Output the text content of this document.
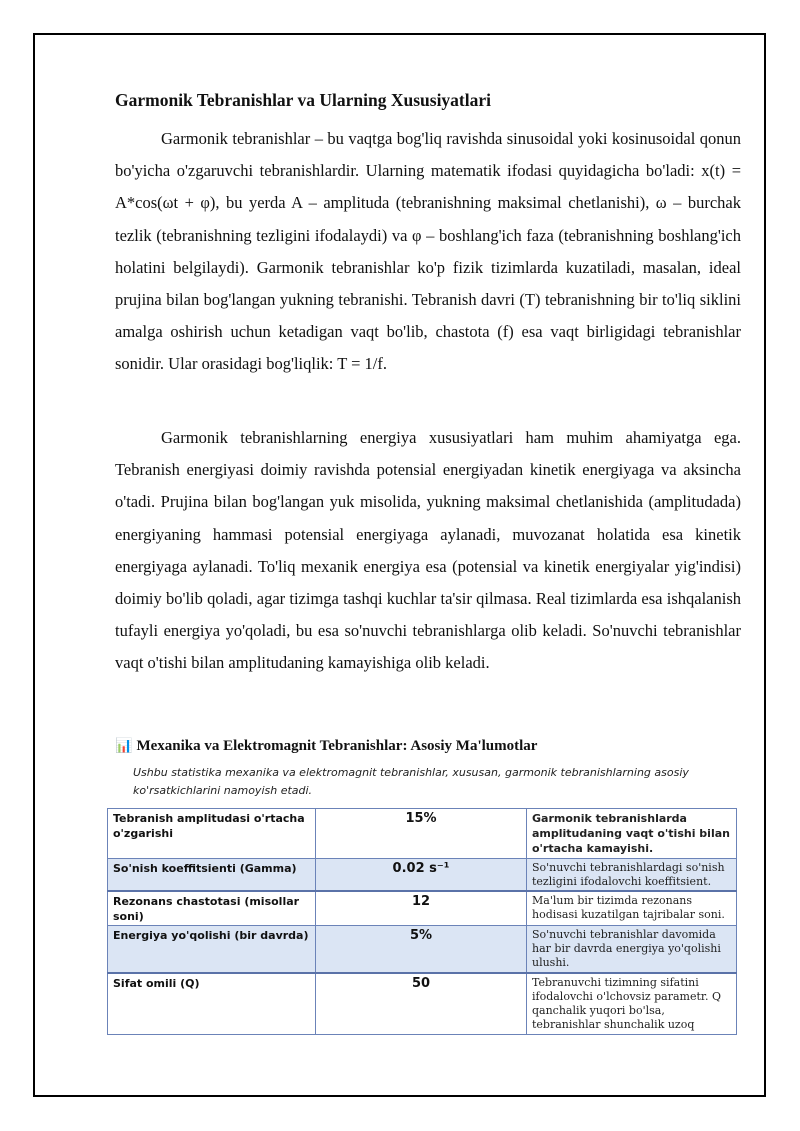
Garmonik Tebranishlar va Ularning Xususiyatlari

Garmonik tebranishlar – bu vaqtga bog'liq ravishda sinusoidal yoki kosinusoidal qonun bo'yicha o'zgaruvchi tebranishlardir. Ularning matematik ifodasi quyidagicha bo'ladi: x(t) = A*cos(ωt + φ), bu yerda A – amplituda (tebranishning maksimal chetlanishi), ω – burchak tezlik (tebranishning tezligini ifodalaydi) va φ – boshlang'ich faza (tebranishning boshlang'ich holatini belgilaydi). Garmonik tebranishlar ko'p fizik tizimlarda kuzatiladi, masalan, ideal prujina bilan bog'langan yukning tebranishi. Tebranish davri (T) tebranishning bir to'liq siklini amalga oshirish uchun ketadigan vaqt bo'lib, chastota (f) esa vaqt birligidagi tebranishlar sonidir. Ular orasidagi bog'liqlik: T = 1/f.

Garmonik tebranishlarning energiya xususiyatlari ham muhim ahamiyatga ega. Tebranish energiyasi doimiy ravishda potensial energiyadan kinetik energiyaga va aksincha o'tadi. Prujina bilan bog'langan yuk misolida, yukning maksimal chetlanishida (amplitudada) energiyaning hammasi potensial energiyaga aylanadi, muvozanat holatida esa kinetik energiyaga aylanadi. To'liq mexanik energiya esa (potensial va kinetik energiyalar yig'indisi) doimiy bo'lib qoladi, agar tizimga tashqi kuchlar ta'sir qilmasa. Real tizimlarda esa ishqalanish tufayli energiya yo'qoladi, bu esa so'nuvchi tebranishlarga olib keladi. So'nuvchi tebranishlar vaqt o'tishi bilan amplitudaning kamayishiga olib keladi.

📊 Mexanika va Elektromagnit Tebranishlar: Asosiy Ma'lumotlar
Ushbu statistika mexanika va elektromagnit tebranishlar, xususan, garmonik tebranishlarning asosiy ko'rsatkichlarini namoyish etadi.
Tebranish amplitudasi o'rtacha o'zgarishi	15%	Garmonik tebranishlarda amplitudaning vaqt o'tishi bilan o'rtacha kamayishi.
So'nish koeffitsienti (Gamma)	0.02 s⁻¹	So'nuvchi tebranishlardagi so'nish tezligini ifodalovchi koeffitsient.
Rezonans chastotasi (misollar soni)	12	Ma'lum bir tizimda rezonans hodisasi kuzatilgan tajribalar soni.
Energiya yo'qolishi (bir davrda)	5%	So'nuvchi tebranishlar davomida har bir davrda energiya yo'qolishi ulushi.
Sifat omili (Q)	50	Tebranuvchi tizimning sifatini ifodalovchi o'lchovsiz parametr. Q qanchalik yuqori bo'lsa, tebranishlar shunchalik uzoq
